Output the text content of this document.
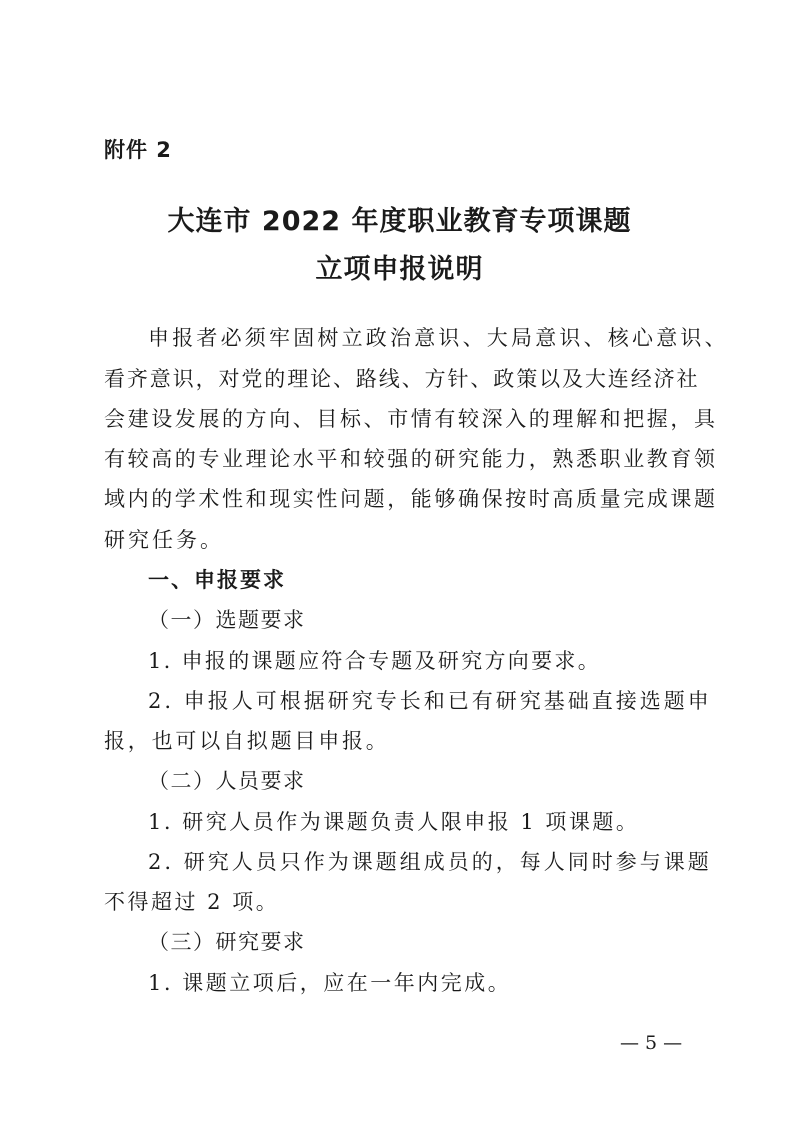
附件 2
大连市 2022 年度职业教育专项课题
立项申报说明
申报者必须牢固树立政治意识、大局意识、核心意识、
看齐意识，对党的理论、路线、方针、政策以及大连经济社
会建设发展的方向、目标、市情有较深入的理解和把握，具
有较高的专业理论水平和较强的研究能力，熟悉职业教育领
域内的学术性和现实性问题，能够确保按时高质量完成课题
研究任务。
一、申报要求
（一）选题要求
1. 申报的课题应符合专题及研究方向要求。
2. 申报人可根据研究专长和已有研究基础直接选题申
报，也可以自拟题目申报。
（二）人员要求
1. 研究人员作为课题负责人限申报 1 项课题。
2. 研究人员只作为课题组成员的，每人同时参与课题
不得超过 2 项。
（三）研究要求
1. 课题立项后，应在一年内完成。
— 5 —
